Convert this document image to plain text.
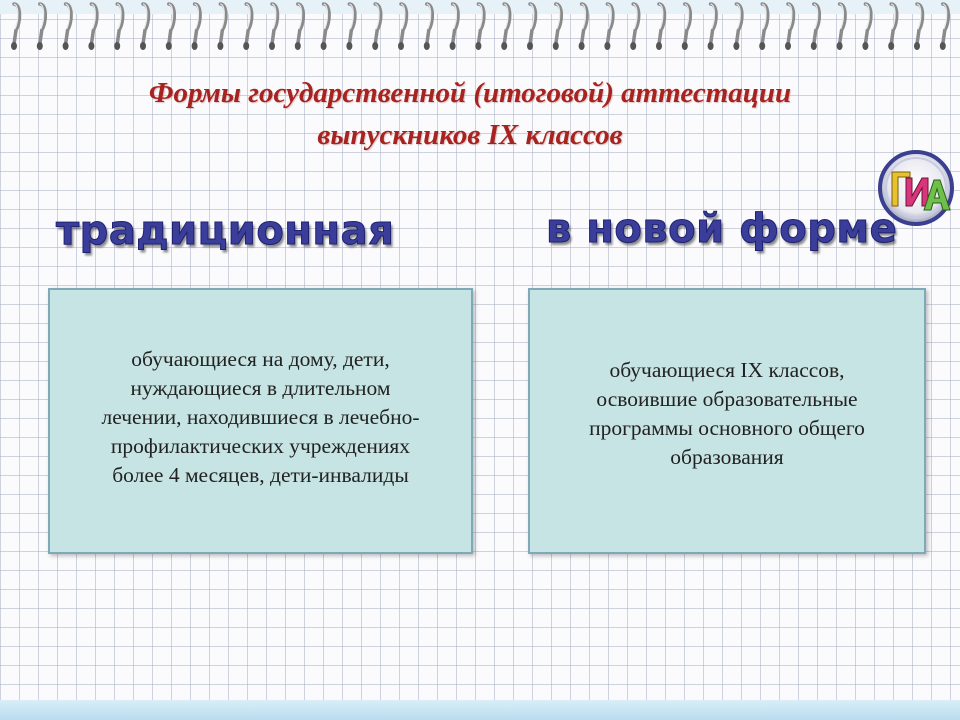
Формы государственной (итоговой) аттестации
выпускников IX классов
ГИА
традиционная	в новой форме
обучающиеся на дому, дети,
нуждающиеся в длительном
лечении, находившиеся в лечебно-
профилактических учреждениях
более 4 месяцев, дети-инвалиды
обучающиеся IX классов,
освоившие образовательные
программы основного общего
образования
